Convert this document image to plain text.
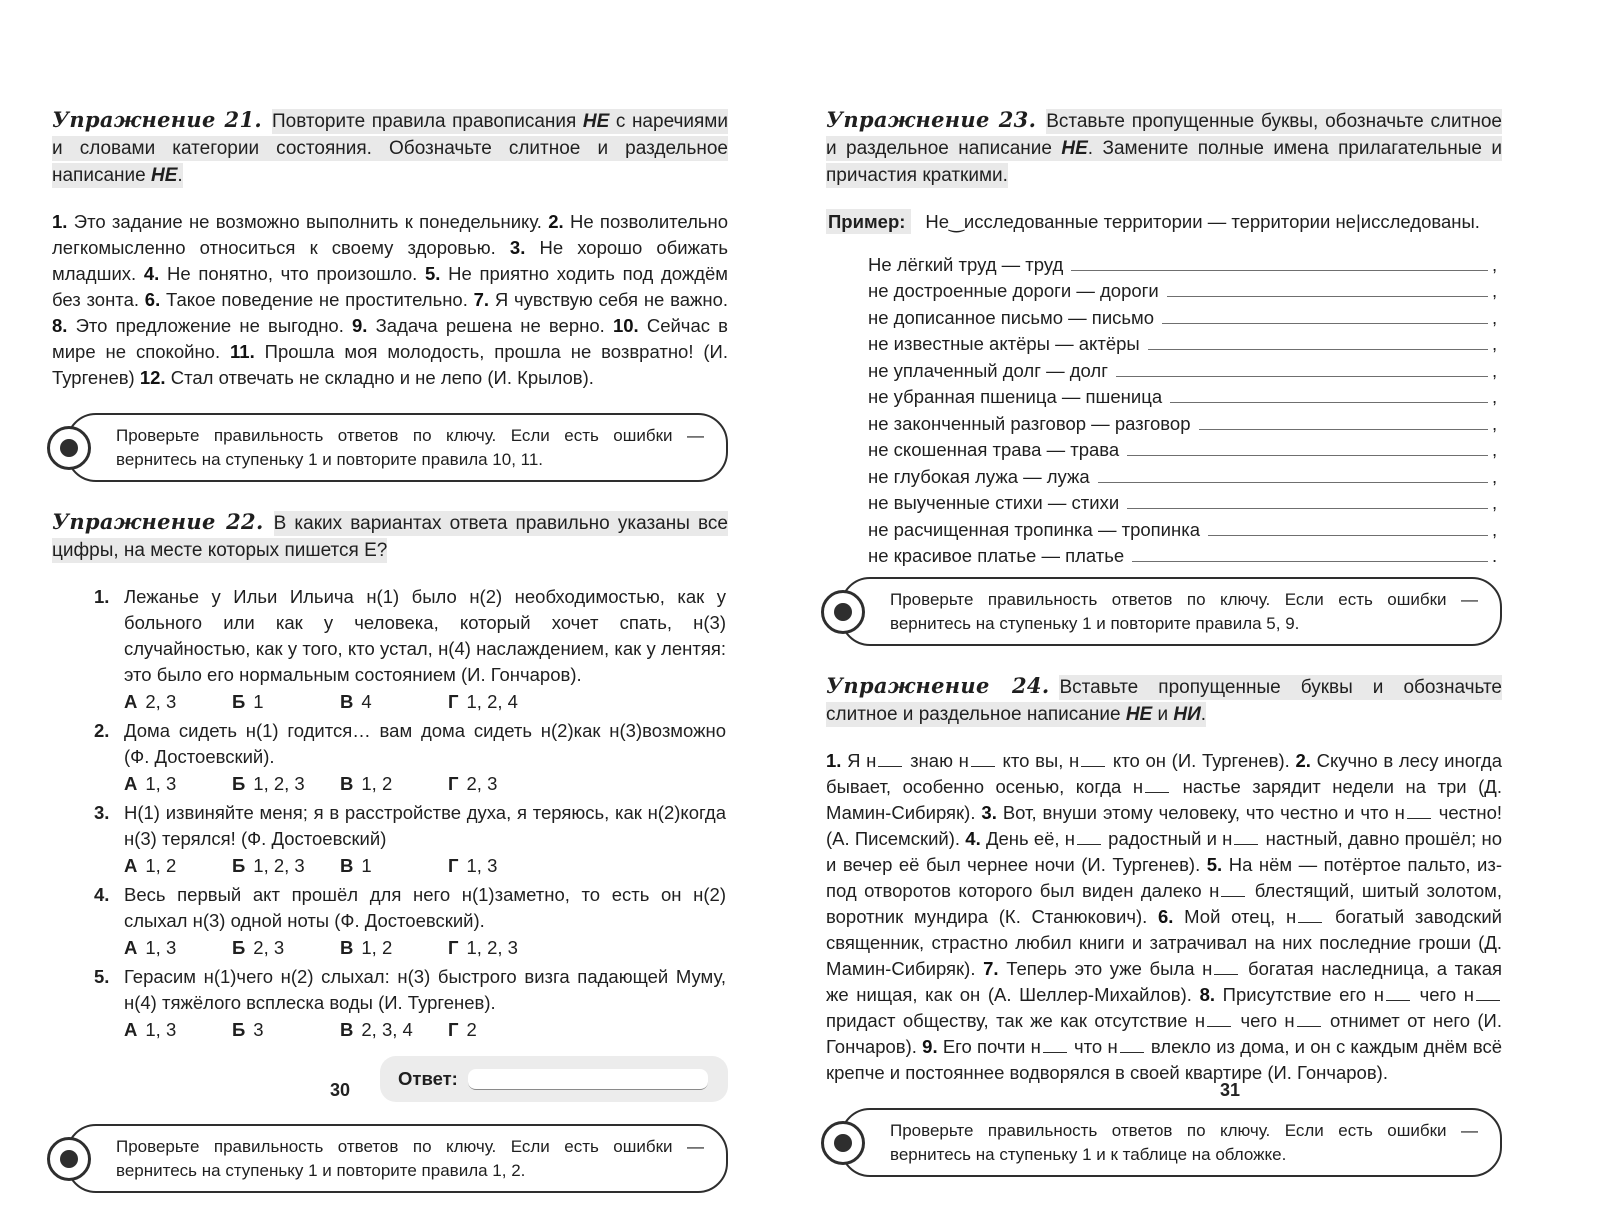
Упражнение 21. Повторите правила правописания НЕ с наречиями и словами категории состояния. Обозначьте слитное и раздельное написание НЕ.

1. Это задание не возможно выполнить к понедельнику. 2. Не позволительно легкомысленно относиться к своему здоровью. 3. Не хорошо обижать младших. 4. Не понятно, что произошло. 5. Не приятно ходить под дождём без зонта. 6. Такое поведение не простительно. 7. Я чувствую себя не важно. 8. Это предложение не выгодно. 9. Задача решена не верно. 10. Сейчас в мире не спокойно. 11. Прошла моя молодость, прошла не возвратно! (И. Тургенев) 12. Стал отвечать не складно и не лепо (И. Крылов).

Проверьте правильность ответов по ключу. Если есть ошибки — вернитесь на ступеньку 1 и повторите правила 10, 11.

Упражнение 22. В каких вариантах ответа правильно указаны все цифры, на месте которых пишется Е?

1. Лежанье у Ильи Ильича н(1) было н(2) необходимостью, как у больного или как у человека, который хочет спать, н(3) случайностью, как у того, кто устал, н(4) наслаждением, как у лентяя: это было его нормальным состоянием (И. Гончаров).

А 2, 3	Б 1	В 4	Г 1, 2, 4
2. Дома сидеть н(1) годится… вам дома сидеть н(2)как н(3)возможно (Ф. Достоевский).

А 1, 3	Б 1, 2, 3	В 1, 2	Г 2, 3
3. Н(1) извиняйте меня; я в расстройстве духа, я теряюсь, как н(2)когда н(3) терялся! (Ф. Достоевский)

А 1, 2	Б 1, 2, 3	В 1	Г 1, 3
4. Весь первый акт прошёл для него н(1)заметно, то есть он н(2) слыхал н(3) одной ноты (Ф. Достоевский).

А 1, 3	Б 2, 3	В 1, 2	Г 1, 2, 3
5. Герасим н(1)чего н(2) слыхал: н(3) быстрого визга падающей Муму, н(4) тяжёлого всплеска воды (И. Тургенев).

А 1, 3	Б 3	В 2, 3, 4	Г 2
Ответ:

Проверьте правильность ответов по ключу. Если есть ошибки — вернитесь на ступеньку 1 и повторите правила 1, 2.

Упражнение 23. Вставьте пропущенные буквы, обозначьте слитное и раздельное написание НЕ. Замените полные имена прилагательные и причастия краткими.

Пример: Не‿исследованные территории — территории не|исследованы.

Не лёгкий труд — труд	,
не достроенные дороги — дороги	,
не дописанное письмо — письмо	,
не известные актёры — актёры	,
не уплаченный долг — долг	,
не убранная пшеница — пшеница	,
не законченный разговор — разговор	,
не скошенная трава — трава	,
не глубокая лужа — лужа	,
не выученные стихи — стихи	,
не расчищенная тропинка — тропинка	,
не красивое платье — платье	.

Проверьте правильность ответов по ключу. Если есть ошибки — вернитесь на ступеньку 1 и повторите правила 5, 9.

Упражнение 24. Вставьте пропущенные буквы и обозначьте слитное и раздельное написание НЕ и НИ.

1. Я н знаю н кто вы, н кто он (И. Тургенев). 2. Скучно в лесу иногда бывает, особенно осенью, когда н настье зарядит недели на три (Д. Мамин-Сибиряк). 3. Вот, внуши этому человеку, что честно и что н честно! (А. Писемский). 4. День её, н радостный и н настный, давно прошёл; но и вечер её был чернее ночи (И. Тургенев). 5. На нём — потёртое пальто, из-под отворотов которого был виден далеко н блестящий, шитый золотом, воротник мундира (К. Станюкович). 6. Мой отец, н богатый заводский священник, страстно любил книги и затрачивал на них последние гроши (Д. Мамин-Сибиряк). 7. Теперь это уже была н богатая наследница, а такая же нищая, как он (А. Шеллер-Михайлов). 8. Присутствие его н чего н придаст обществу, так же как отсутствие н чего н отнимет от него (И. Гончаров). 9. Его почти н что н влекло из дома, и он с каждым днём всё крепче и постояннее водворялся в своей квартире (И. Гончаров).

Проверьте правильность ответов по ключу. Если есть ошибки — вернитесь на ступеньку 1 и к таблице на обложке.

30	31
